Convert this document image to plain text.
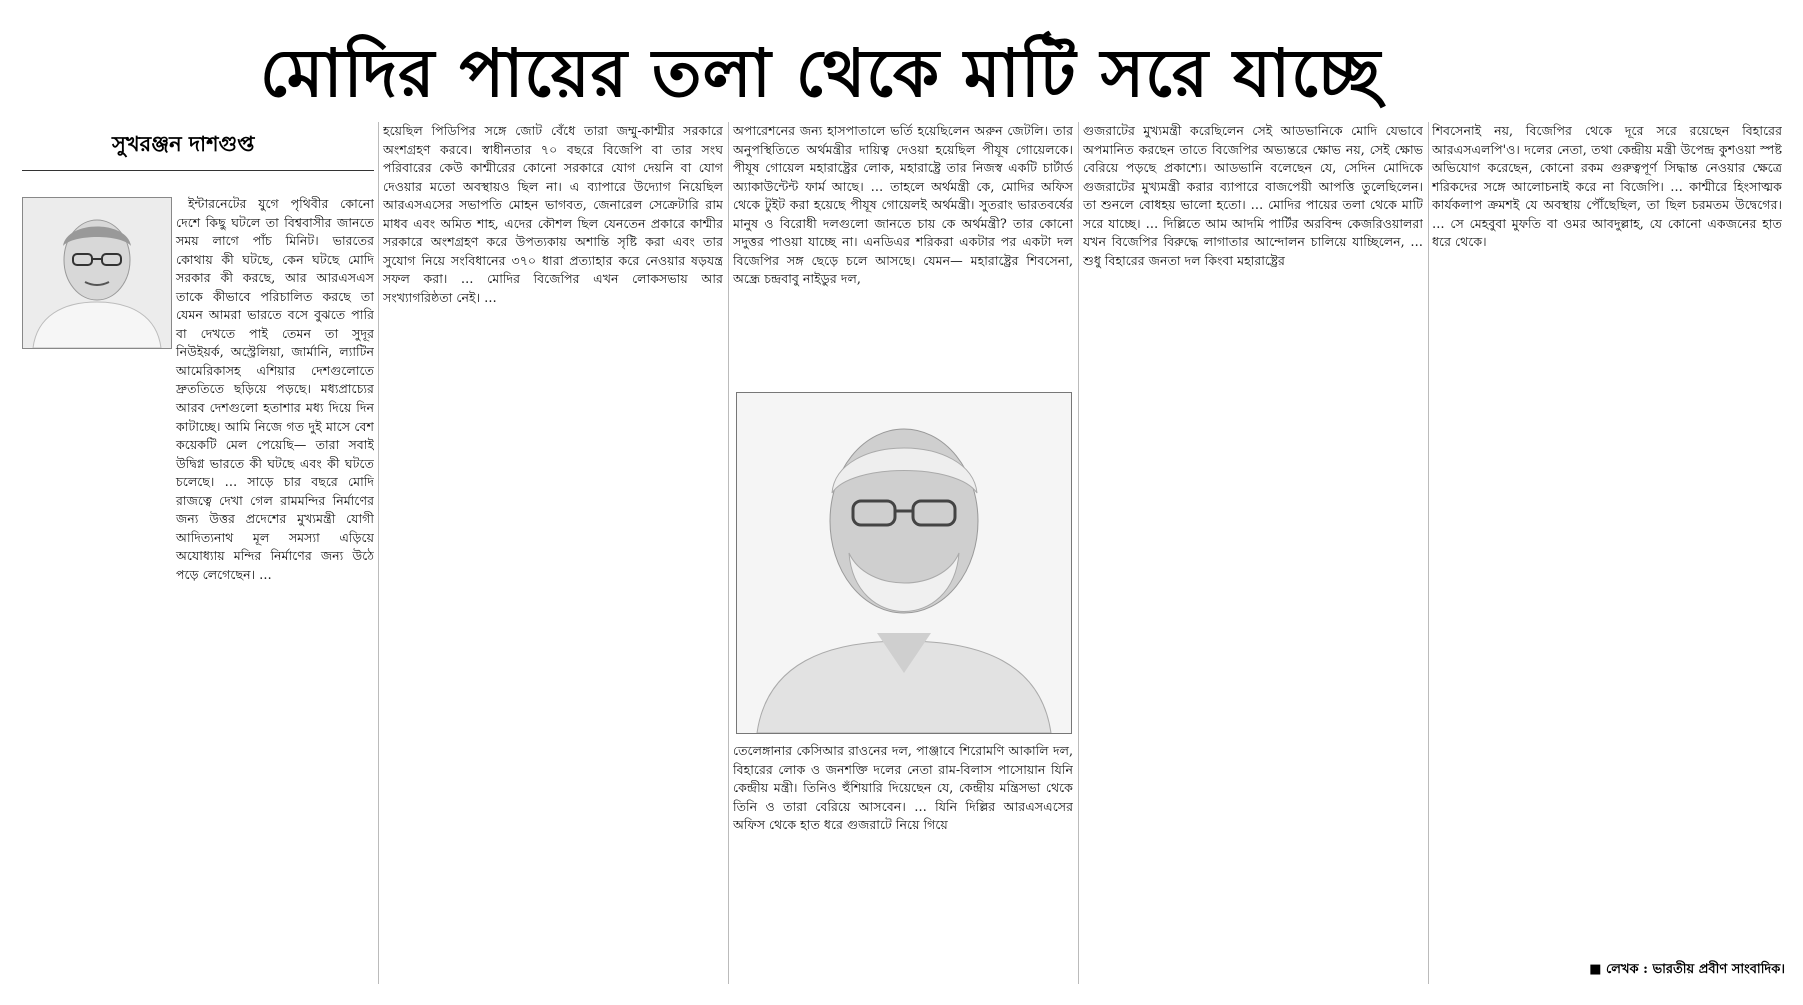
মোদির পায়ের তলা থেকে মাটি সরে যাচ্ছে
সুখরঞ্জন দাশগুপ্ত

ইন্টারনেটের যুগে পৃথিবীর কোনো দেশে কিছু ঘটলে তা বিশ্ববাসীর জানতে সময় লাগে পাঁচ মিনিট। ভারতের কোথায় কী ঘটছে, কেন ঘটছে মোদি সরকার কী করছে, আর আরএসএস তাকে কীভাবে পরিচালিত করছে তা যেমন আমরা ভারতে বসে বুঝতে পারি বা দেখতে পাই তেমন তা সুদূর নিউইয়র্ক, অস্ট্রেলিয়া, জার্মানি, ল্যাটিন আমেরিকাসহ এশিয়ার দেশগুলোতে দ্রুততিতে ছড়িয়ে পড়ছে। মধ্যপ্রাচ্যের আরব দেশগুলো হতাশার মধ্য দিয়ে দিন কাটাচ্ছে। আমি নিজে গত দুই মাসে বেশ কয়েকটি মেল পেয়েছি— তারা সবাই উদ্বিগ্ন ভারতে কী ঘটছে এবং কী ঘটতে চলেছে। … সাড়ে চার বছরে মোদি রাজত্বে দেখা গেল রামমন্দির নির্মাণের জন্য উত্তর প্রদেশের মুখ্যমন্ত্রী যোগী আদিত্যনাথ মূল সমস্যা এড়িয়ে অযোধ্যায় মন্দির নির্মাণের জন্য উঠে পড়ে লেগেছেন। …

হয়েছিল পিডিপির সঙ্গে জোট বেঁধে তারা জম্মু-কাশ্মীর সরকারে অংশগ্রহণ করবে। স্বাধীনতার ৭০ বছরে বিজেপি বা তার সংঘ পরিবারের কেউ কাশ্মীরের কোনো সরকারে যোগ দেয়নি বা যোগ দেওয়ার মতো অবস্থায়ও ছিল না। এ ব্যাপারে উদ্যোগ নিয়েছিল আরএসএসের সভাপতি মোহন ভাগবত, জেনারেল সেক্রেটারি রাম মাধব এবং অমিত শাহ, এদের কৌশল ছিল যেনতেন প্রকারে কাশ্মীর সরকারে অংশগ্রহণ করে উপত্যকায় অশান্তি সৃষ্টি করা এবং তার সুযোগ নিয়ে সংবিধানের ৩৭০ ধারা প্রত্যাহার করে নেওয়ার ষড়যন্ত্র সফল করা। … মোদির বিজেপির এখন লোকসভায় আর সংখ্যাগরিষ্ঠতা নেই। …

অপারেশনের জন্য হাসপাতালে ভর্তি হয়েছিলেন অরুন জেটলি। তার অনুপস্থিতিতে অর্থমন্ত্রীর দায়িত্ব দেওয়া হয়েছিল পীযূষ গোয়েলকে। পীযূষ গোয়েল মহারাষ্ট্রের লোক, মহারাষ্ট্রে তার নিজস্ব একটি চার্টার্ড অ্যাকাউন্টেন্ট ফার্ম আছে। … তাহলে অর্থমন্ত্রী কে, মোদির অফিস থেকে টুইট করা হয়েছে পীযূষ গোয়েলই অর্থমন্ত্রী। সুতরাং ভারতবর্ষের মানুষ ও বিরোধী দলগুলো জানতে চায় কে অর্থমন্ত্রী? তার কোনো সদুত্তর পাওয়া যাচ্ছে না। এনডিএর শরিকরা একটার পর একটা দল বিজেপির সঙ্গ ছেড়ে চলে আসছে। যেমন— মহারাষ্ট্রের শিবসেনা, অন্ধ্রে চন্দ্রবাবু নাইডুর দল,

তেলেঙ্গানার কেসিআর রাওনের দল, পাঞ্জাবে শিরোমণি আকালি দল, বিহারের লোক ও জনশক্তি দলের নেতা রাম-বিলাস পাসোয়ান যিনি কেন্দ্রীয় মন্ত্রী। তিনিও হুঁশিয়ারি দিয়েছেন যে, কেন্দ্রীয় মন্ত্রিসভা থেকে তিনি ও তারা বেরিয়ে আসবেন। … যিনি দিল্লির আরএসএসের অফিস থেকে হাত ধরে গুজরাটে নিয়ে গিয়ে

গুজরাটের মুখ্যমন্ত্রী করেছিলেন সেই আডভানিকে মোদি যেভাবে অপমানিত করছেন তাতে বিজেপির অভ্যন্তরে ক্ষোভ নয়, সেই ক্ষোভ বেরিয়ে পড়ছে প্রকাশ্যে। আডভানি বলেছেন যে, সেদিন মোদিকে গুজরাটের মুখ্যমন্ত্রী করার ব্যাপারে বাজপেয়ী আপত্তি তুলেছিলেন। তা শুনলে বোধহয় ভালো হতো। … মোদির পায়ের তলা থেকে মাটি সরে যাচ্ছে। … দিল্লিতে আম আদমি পার্টির অরবিন্দ কেজরিওয়ালরা যখন বিজেপির বিরুদ্ধে লাগাতার আন্দোলন চালিয়ে যাচ্ছিলেন, … শুধু বিহারের জনতা দল কিংবা মহারাষ্ট্রের

শিবসেনাই নয়, বিজেপির থেকে দূরে সরে রয়েছেন বিহারের আরএসএলপি'ও। দলের নেতা, তথা কেন্দ্রীয় মন্ত্রী উপেন্দ্র কুশওয়া স্পষ্ট অভিযোগ করেছেন, কোনো রকম গুরুত্বপূর্ণ সিদ্ধান্ত নেওয়ার ক্ষেত্রে শরিকদের সঙ্গে আলোচনাই করে না বিজেপি। … কাশ্মীরে হিংসাত্মক কার্যকলাপ ক্রমশই যে অবস্থায় পৌঁছেছিল, তা ছিল চরমতম উদ্বেগের। … সে মেহবুবা মুফতি বা ওমর আবদুল্লাহ, যে কোনো একজনের হাত ধরে থেকে।

■ লেখক : ভারতীয় প্রবীণ সাংবাদিক।
